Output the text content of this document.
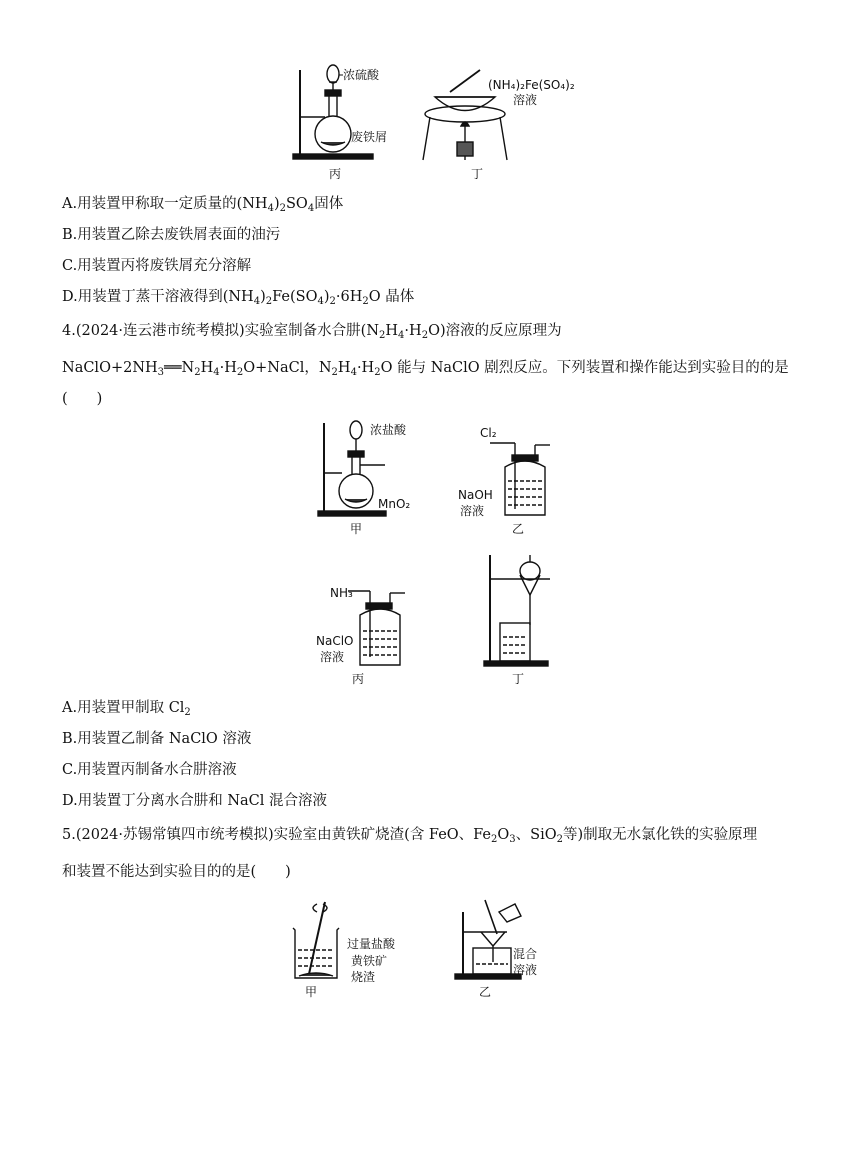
浓硫酸
废铁屑
丙
(NH₄)₂Fe(SO₄)₂
溶液
丁
A.用装置甲称取一定质量的$(NH_4)_2SO_4$固体
B.用装置乙除去废铁屑表面的油污
C.用装置丙将废铁屑充分溶解
D.用装置丁蒸干溶液得到$(NH_4)_2Fe(SO_4)_2\cdot 6H_2O$ 晶体
4.(2024·连云港市统考模拟)实验室制备水合肼$(N_2H_4\cdot H_2O)$溶液的反应原理为
$NaClO+2NH_3══N_2H_4\cdot H_2O+NaCl$，$N_2H_4\cdot H_2O$ 能与 NaClO 剧烈反应。下列装置和操作能达到实验目的的是
(　　)
浓盐酸
MnO₂
甲
Cl₂
NaOH
溶液
乙
NH₃
NaClO
溶液
丙	丁
A.用装置甲制取 $Cl_2$
B.用装置乙制备 NaClO 溶液
C.用装置丙制备水合肼溶液
D.用装置丁分离水合肼和 NaCl 混合溶液
5.(2024·苏锡常镇四市统考模拟)实验室由黄铁矿烧渣(含 FeO、$Fe_2O_3$、SiO$_2$等)制取无水氯化铁的实验原理
和装置不能达到实验目的的是(　　)
过量盐酸
黄铁矿
烧渣
甲
混合
溶液
乙
